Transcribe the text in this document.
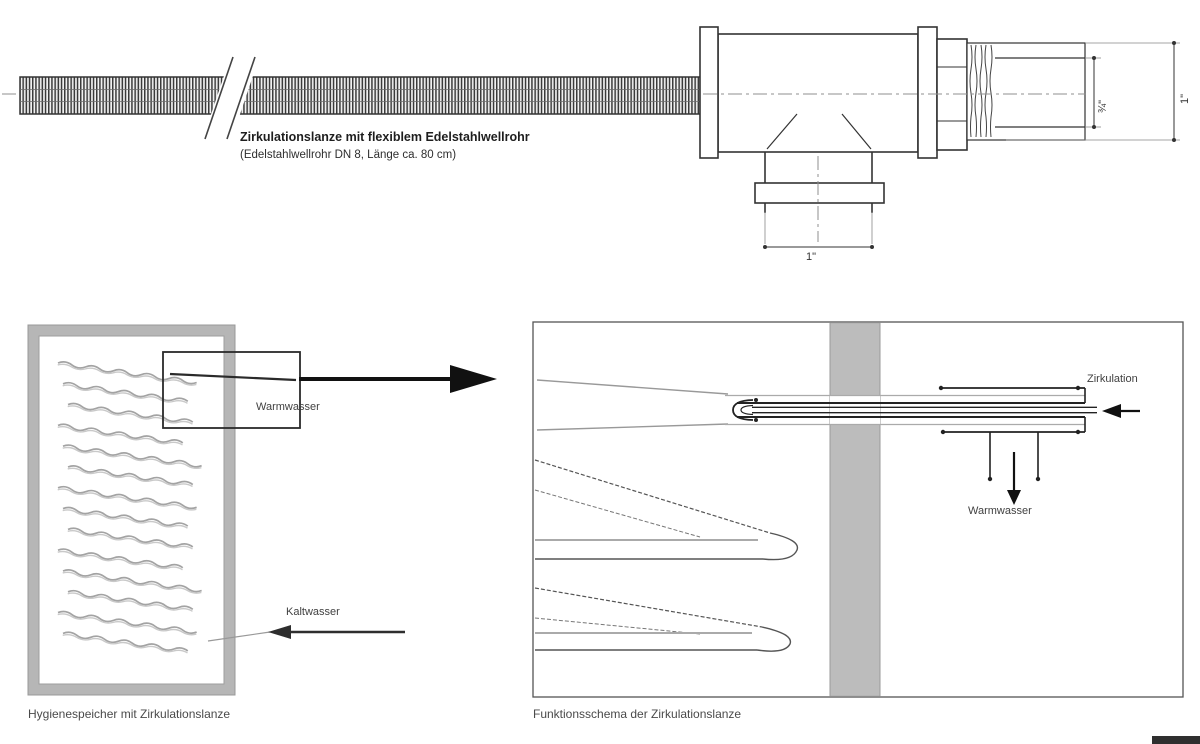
Zirkulationslanze mit flexiblem Edelstahlwellrohr
(Edelstahlwellrohr DN 8, Länge ca. 80 cm)
¾"
1"
1"
Warmwasser
Kaltwasser
Hygienespeicher mit Zirkulationslanze
Zirkulation
Warmwasser
Funktionsschema der Zirkulationslanze
